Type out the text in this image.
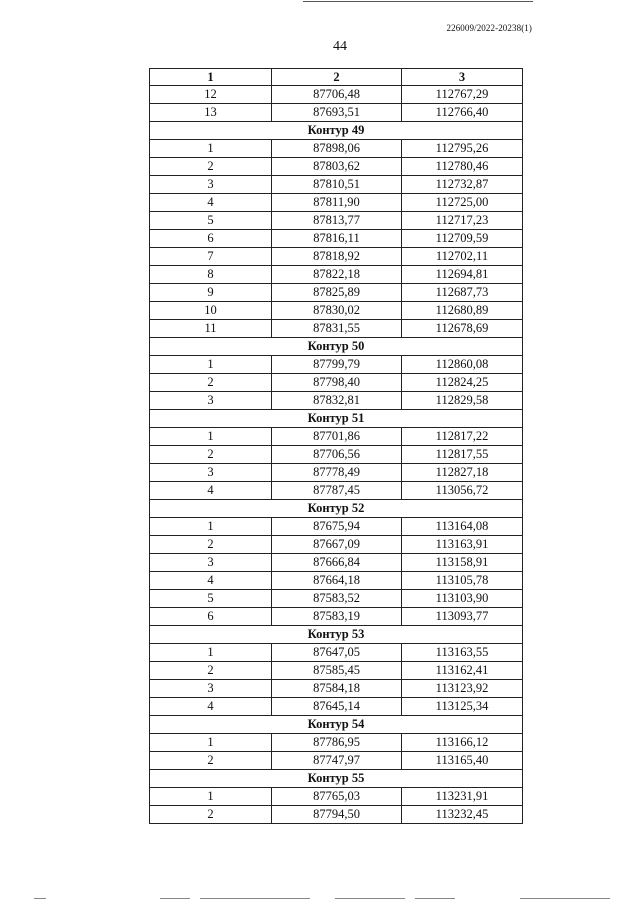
226009/2022-20238(1)
44
1	2	3
12	87706,48	112767,29
13	87693,51	112766,40
Контур 49		
1	87898,06	112795,26
2	87803,62	112780,46
3	87810,51	112732,87
4	87811,90	112725,00
5	87813,77	112717,23
6	87816,11	112709,59
7	87818,92	112702,11
8	87822,18	112694,81
9	87825,89	112687,73
10	87830,02	112680,89
11	87831,55	112678,69
Контур 50		
1	87799,79	112860,08
2	87798,40	112824,25
3	87832,81	112829,58
Контур 51		
1	87701,86	112817,22
2	87706,56	112817,55
3	87778,49	112827,18
4	87787,45	113056,72
Контур 52		
1	87675,94	113164,08
2	87667,09	113163,91
3	87666,84	113158,91
4	87664,18	113105,78
5	87583,52	113103,90
6	87583,19	113093,77
Контур 53		
1	87647,05	113163,55
2	87585,45	113162,41
3	87584,18	113123,92
4	87645,14	113125,34
Контур 54		
1	87786,95	113166,12
2	87747,97	113165,40
Контур 55		
1	87765,03	113231,91
2	87794,50	113232,45
